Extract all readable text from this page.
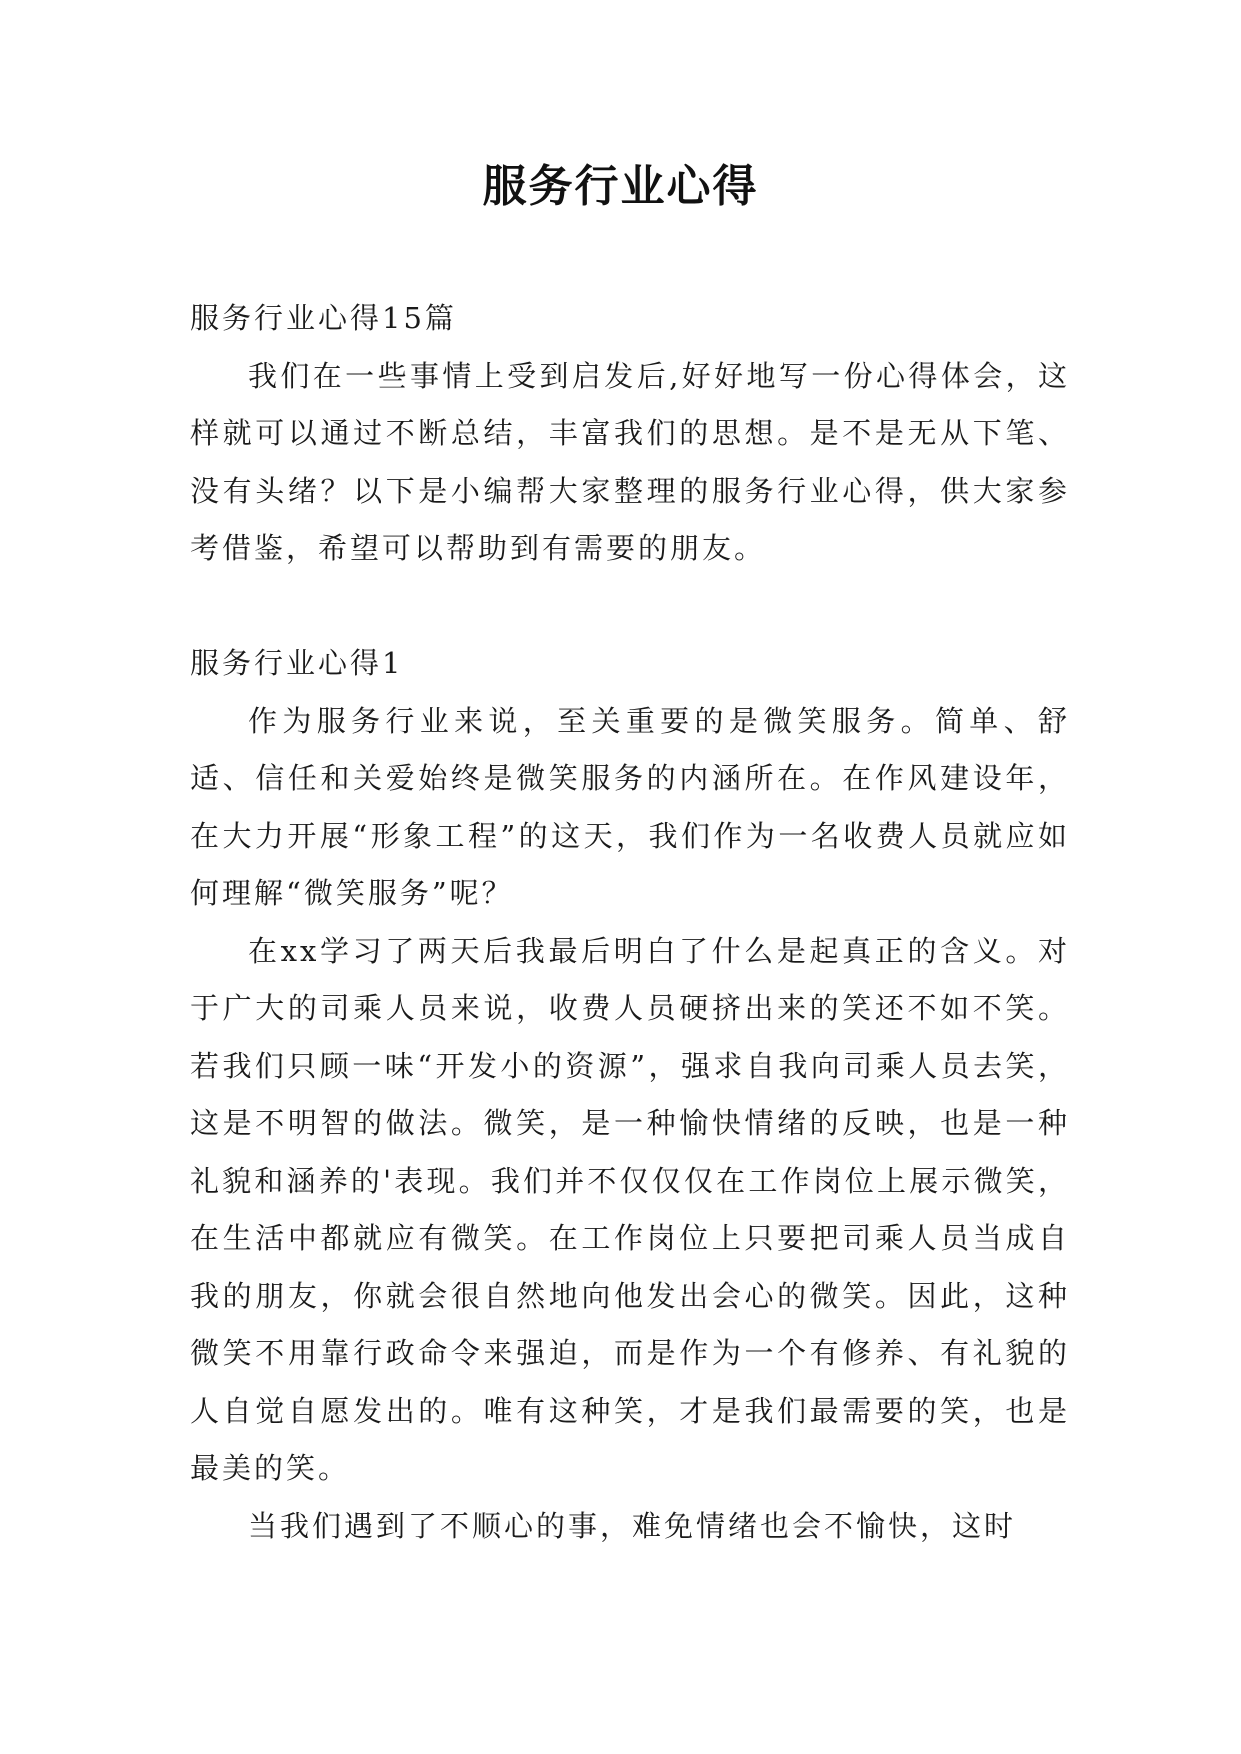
服务行业心得

服务行业心得15篇

我们在一些事情上受到启发后,好好地写一份心得体会，这样就可以通过不断总结，丰富我们的思想。是不是无从下笔、没有头绪？以下是小编帮大家整理的服务行业心得，供大家参考借鉴，希望可以帮助到有需要的朋友。

服务行业心得1

作为服务行业来说，至关重要的是微笑服务。简单、舒适、信任和关爱始终是微笑服务的内涵所在。在作风建设年，在大力开展“形象工程”的这天，我们作为一名收费人员就应如何理解“微笑服务”呢？

在xx学习了两天后我最后明白了什么是起真正的含义。对于广大的司乘人员来说，收费人员硬挤出来的笑还不如不笑。若我们只顾一味“开发小的资源”，强求自我向司乘人员去笑，这是不明智的做法。微笑，是一种愉快情绪的反映，也是一种礼貌和涵养的'表现。我们并不仅仅仅在工作岗位上展示微笑，在生活中都就应有微笑。在工作岗位上只要把司乘人员当成自我的朋友，你就会很自然地向他发出会心的微笑。因此，这种微笑不用靠行政命令来强迫，而是作为一个有修养、有礼貌的人自觉自愿发出的。唯有这种笑，才是我们最需要的笑，也是最美的笑。

当我们遇到了不顺心的事，难免情绪也会不愉快，这时
